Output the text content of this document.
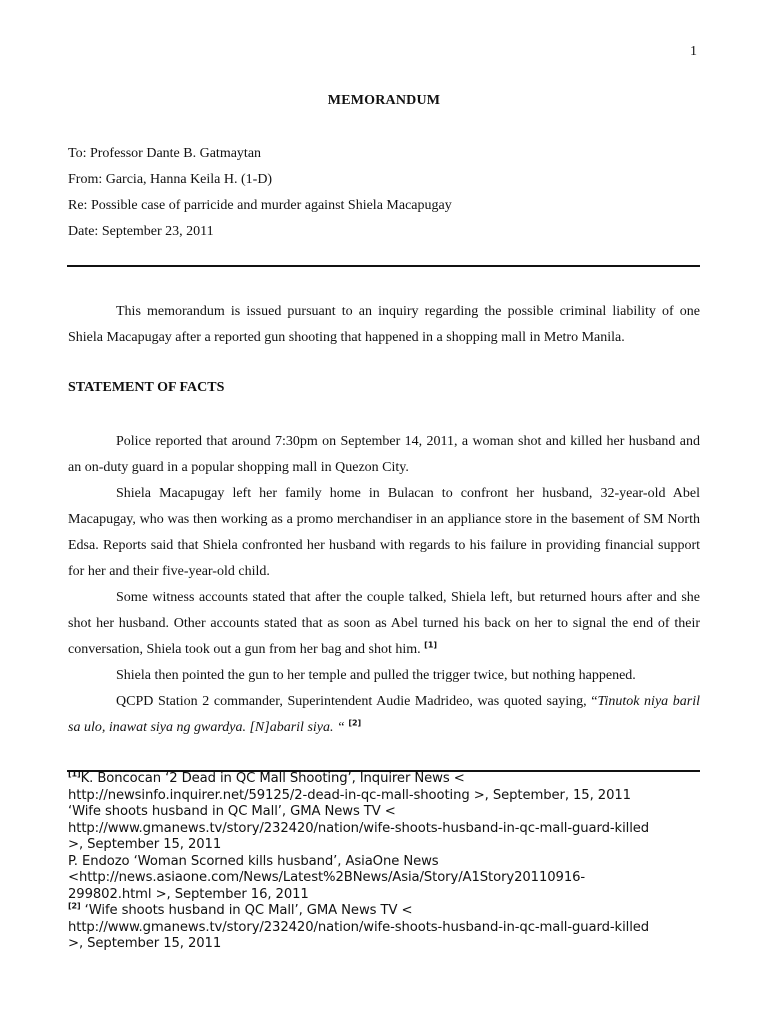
1
MEMORANDUM
To: Professor Dante B. Gatmaytan
From: Garcia, Hanna Keila H. (1-D)
Re: Possible case of parricide and murder against Shiela Macapugay
Date: September 23, 2011

This memorandum is issued pursuant to an inquiry regarding the possible criminal liability of one Shiela Macapugay after a reported gun shooting that happened in a shopping mall in Metro Manila.

STATEMENT OF FACTS

Police reported that around 7:30pm on September 14, 2011, a woman shot and killed her husband and an on-duty guard in a popular shopping mall in Quezon City.

Shiela Macapugay left her family home in Bulacan to confront her husband, 32-year-old Abel Macapugay, who was then working as a promo merchandiser in an appliance store in the basement of SM North Edsa. Reports said that Shiela confronted her husband with regards to his failure in providing financial support for her and their five-year-old child.

Some witness accounts stated that after the couple talked, Shiela left, but returned hours after and she shot her husband. Other accounts stated that as soon as Abel turned his back on her to signal the end of their conversation, Shiela took out a gun from her bag and shot him. [1]

Shiela then pointed the gun to her temple and pulled the trigger twice, but nothing happened.

QCPD Station 2 commander, Superintendent Audie Madrideo, was quoted saying, “Tinutok niya baril sa ulo, inawat siya ng gwardya. [N]abaril siya. “ [2]

[1]K. Boncocan ‘2 Dead in QC Mall Shooting’, Inquirer News <
http://newsinfo.inquirer.net/59125/2-dead-in-qc-mall-shooting >, September, 15, 2011
‘Wife shoots husband in QC Mall’, GMA News TV <
http://www.gmanews.tv/story/232420/nation/wife-shoots-husband-in-qc-mall-guard-killed
>, September 15, 2011
P. Endozo ‘Woman Scorned kills husband’, AsiaOne News
<http://news.asiaone.com/News/Latest%2BNews/Asia/Story/A1Story20110916-
299802.html >, September 16, 2011
[2] ‘Wife shoots husband in QC Mall’, GMA News TV <
http://www.gmanews.tv/story/232420/nation/wife-shoots-husband-in-qc-mall-guard-killed
>, September 15, 2011
